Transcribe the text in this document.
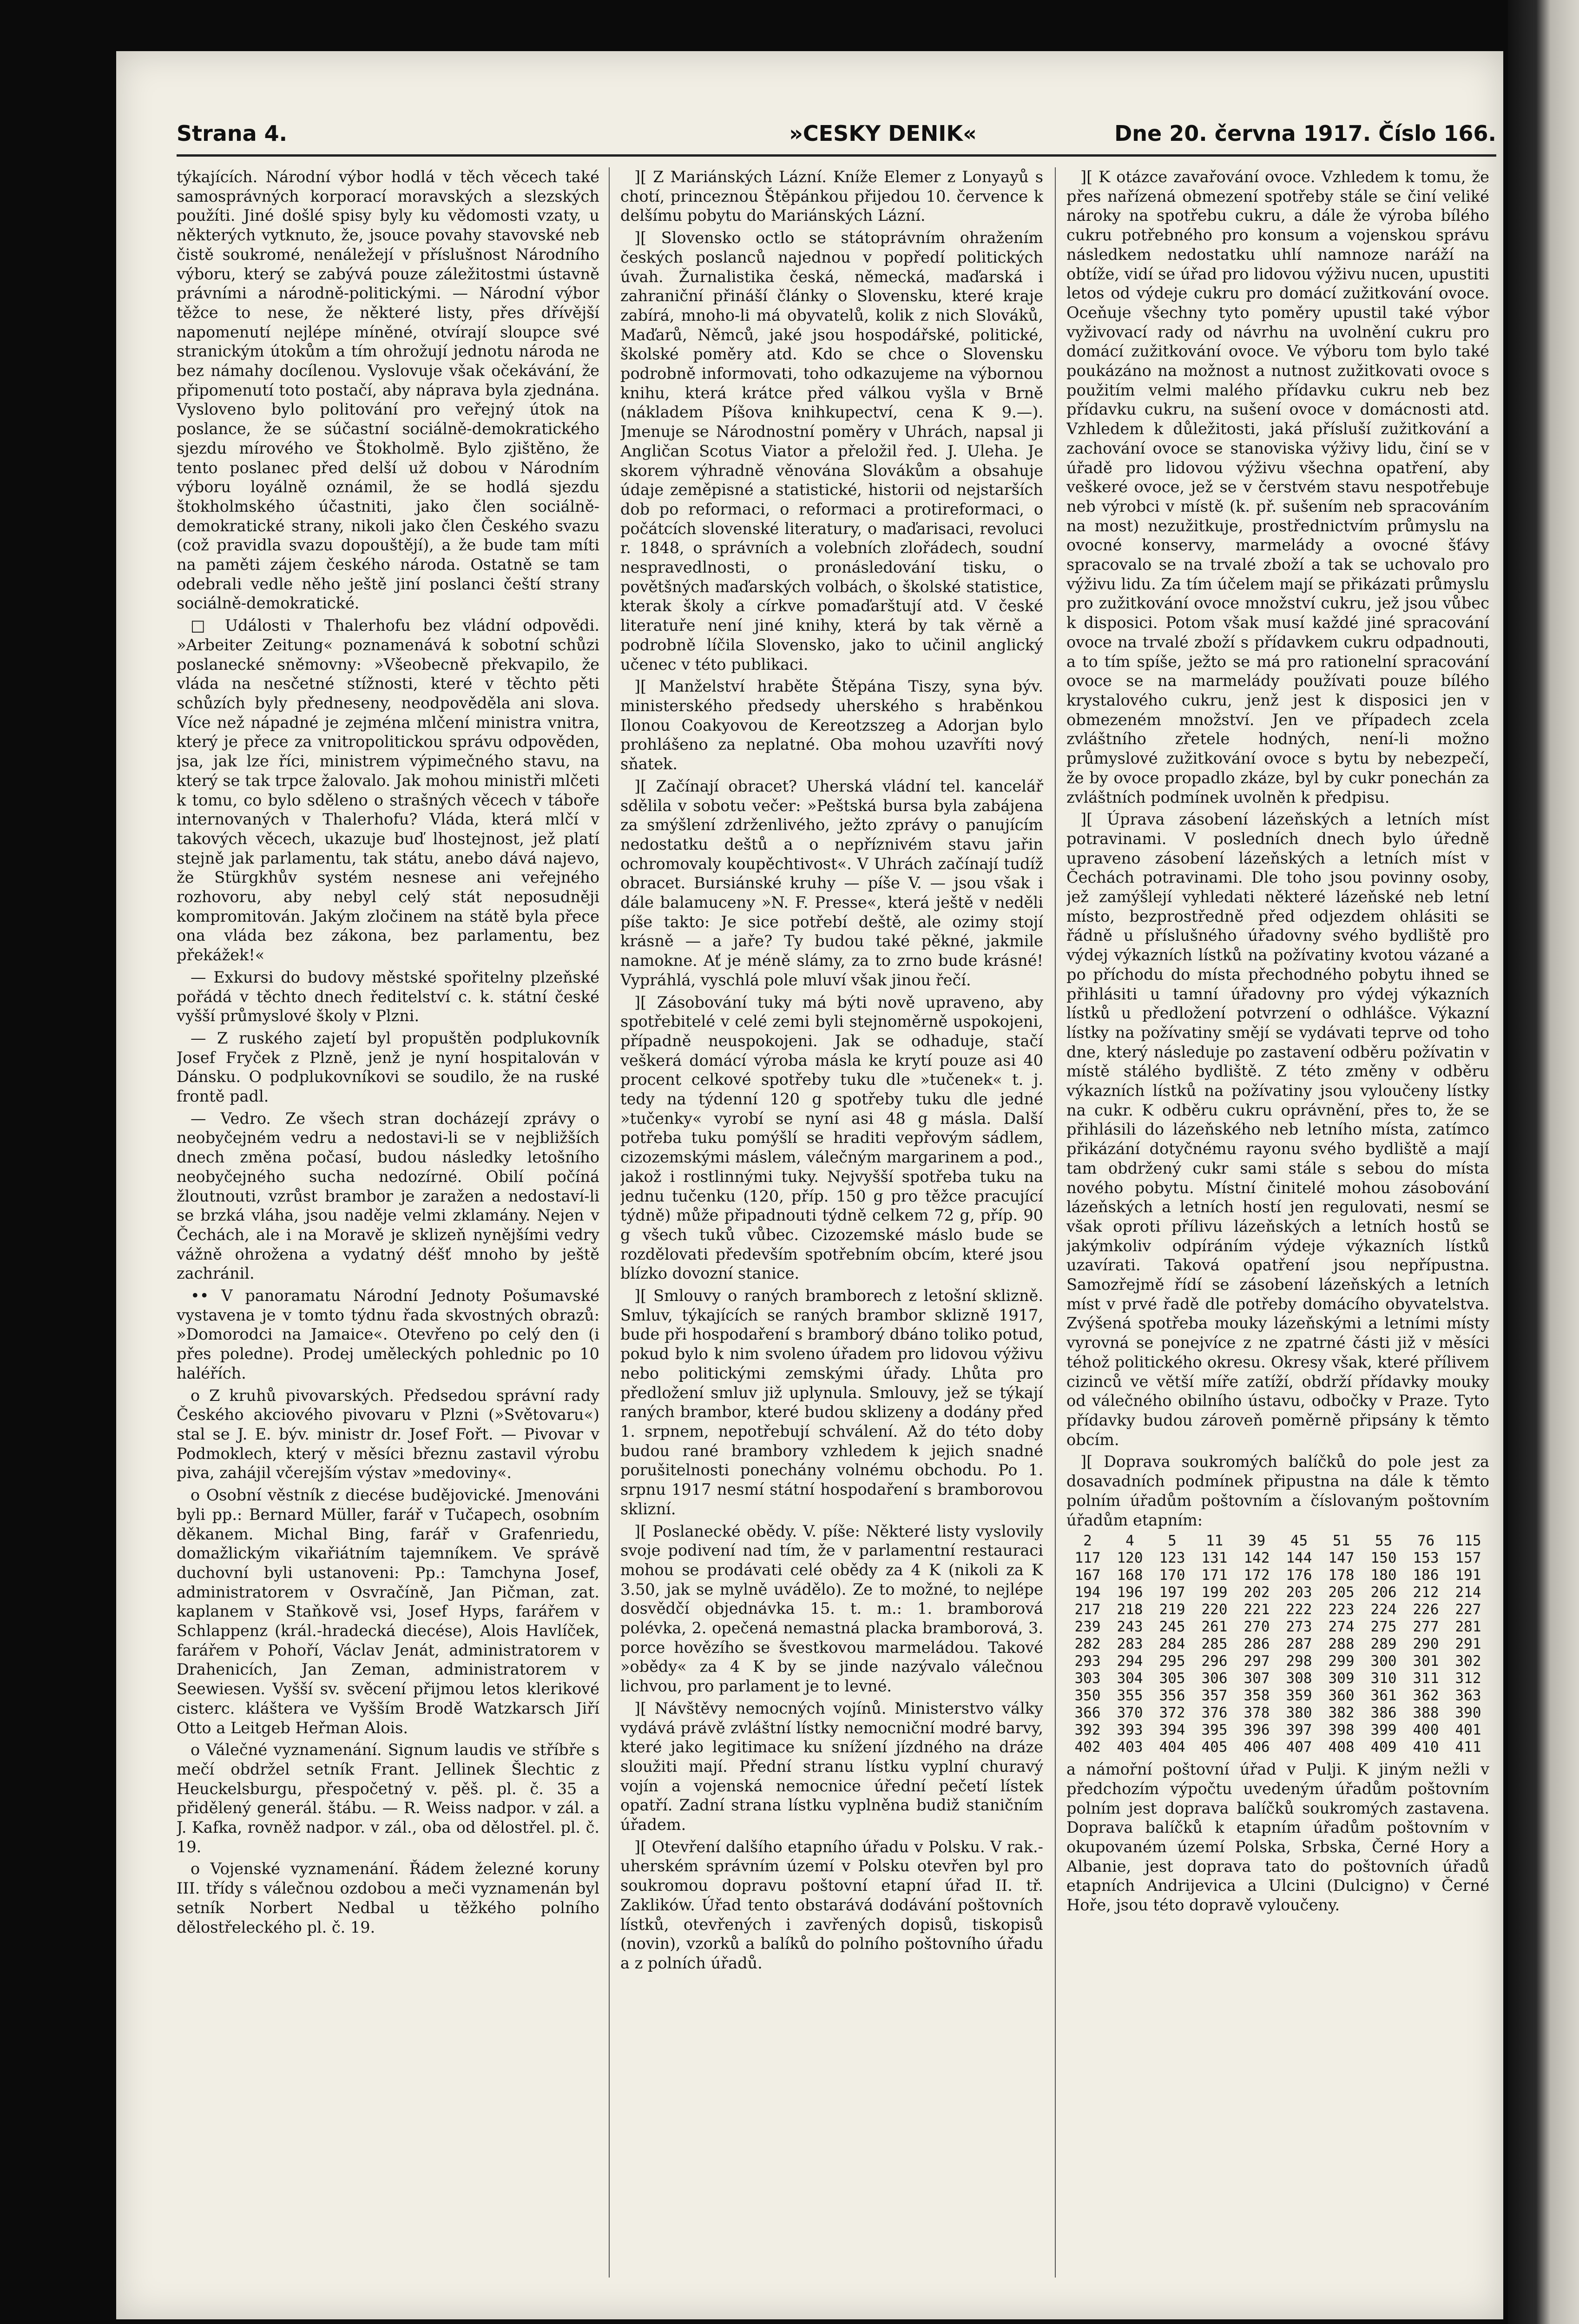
Strana 4.	»CESKY DENIK«	Dne 20. června 1917. Číslo 166.

týkajících. Národní výbor hodlá v těch věcech také samosprávných korporací moravských a slezských použíti. Jiné došlé spisy byly ku vědomosti vzaty, u některých vytknuto, že, jsouce povahy stavovské neb čistě soukromé, nenáležejí v příslušnost Národního výboru, který se zabývá pouze záležitostmi ústavně právními a národně-politickými. — Národní výbor těžce to nese, že některé listy, přes dřívější napomenutí nejlépe míněné, otvírají sloupce své stranickým útokům a tím ohrožují jednotu národa ne bez námahy docílenou. Vyslovuje však očekávání, že připomenutí toto postačí, aby náprava byla zjednána. Vysloveno bylo politování pro veřejný útok na poslance, že se súčastní sociálně-demokratického sjezdu mírového ve Štokholmě. Bylo zjištěno, že tento poslanec před delší už dobou v Národním výboru loyálně oznámil, že se hodlá sjezdu štokholmského účastniti, jako člen sociálně-demokratické strany, nikoli jako člen Českého svazu (což pravidla svazu dopouštějí), a že bude tam míti na paměti zájem českého národa. Ostatně se tam odebrali vedle něho ještě jiní poslanci čeští strany sociálně-demokratické.

□ Události v Thalerhofu bez vládní odpovědi. »Arbeiter Zeitung« poznamenává k sobotní schůzi poslanecké sněmovny: »Všeobecně překvapilo, že vláda na nesčetné stížnosti, které v těchto pěti schůzích byly předneseny, neodpověděla ani slova. Více než nápadné je zejména mlčení ministra vnitra, který je přece za vnitropolitickou správu odpověden, jsa, jak lze říci, ministrem výpimečného stavu, na který se tak trpce žalovalo. Jak mohou ministři mlčeti k tomu, co bylo sděleno o strašných věcech v táboře internovaných v Thalerhofu? Vláda, která mlčí v takových věcech, ukazuje buď lhostejnost, jež platí stejně jak parlamentu, tak státu, anebo dává najevo, že Stürgkhův systém nesnese ani veřejného rozhovoru, aby nebyl celý stát neposudněji kompromitován. Jakým zločinem na státě byla přece ona vláda bez zákona, bez parlamentu, bez překážek!«

— Exkursi do budovy městské spořitelny plzeňské pořádá v těchto dnech ředitelství c. k. státní české vyšší průmyslové školy v Plzni.

— Z ruského zajetí byl propuštěn podplukovník Josef Fryček z Plzně, jenž je nyní hospitalován v Dánsku. O podplukovníkovi se soudilo, že na ruské frontě padl.

— Vedro. Ze všech stran docházejí zprávy o neobyčejném vedru a nedostavi-li se v nejbližších dnech změna počasí, budou následky letošního neobyčejného sucha nedozírné. Obilí počíná žloutnouti, vzrůst brambor je zaražen a nedostaví-li se brzká vláha, jsou naděje velmi zklamány. Nejen v Čechách, ale i na Moravě je sklizeň nynějšími vedry vážně ohrožena a vydatný déšť mnoho by ještě zachránil.

•• V panoramatu Národní Jednoty Pošumavské vystavena je v tomto týdnu řada skvostných obrazů: »Domorodci na Jamaice«. Otevřeno po celý den (i přes poledne). Prodej uměleckých pohlednic po 10 haléřích.

o Z kruhů pivovarských. Předsedou správní rady Českého akciového pivovaru v Plzni (»Světovaru«) stal se J. E. býv. ministr dr. Josef Fořt. — Pivovar v Podmoklech, který v měsíci březnu zastavil výrobu piva, zahájil včerejším výstav »medoviny«.

o Osobní věstník z diecése budějovické. Jmenováni byli pp.: Bernard Müller, farář v Tučapech, osobním děkanem. Michal Bing, farář v Grafenriedu, domažlickým vikařiátním tajemníkem. Ve správě duchovní byli ustanoveni: Pp.: Tamchyna Josef, administratorem v Osvračíně, Jan Pičman, zat. kaplanem v Staňkově vsi, Josef Hyps, farářem v Schlappenz (král.-hradecká diecése), Alois Havlíček, farářem v Pohoří, Václav Jenát, administratorem v Drahenicích, Jan Zeman, administratorem v Seewiesen. Vyšší sv. svěcení přijmou letos klerikové cisterc. kláštera ve Vyšším Brodě Watzkarsch Jiří Otto a Leitgeb Heřman Alois.

o Válečné vyznamenání. Signum laudis ve stříbře s mečí obdržel setník Frant. Jellinek Šlechtic z Heuckelsburgu, přespočetný v. pěš. pl. č. 35 a přidělený generál. štábu. — R. Weiss nadpor. v zál. a J. Kafka, rovněž nadpor. v zál., oba od dělostřel. pl. č. 19.

o Vojenské vyznamenání. Řádem železné koruny III. třídy s válečnou ozdobou a meči vyznamenán byl setník Norbert Nedbal u těžkého polního dělostřeleckého pl. č. 19.

][ Z Mariánských Lázní. Kníže Elemer z Lonyayů s chotí, princeznou Štěpánkou přijedou 10. července k delšímu pobytu do Mariánských Lázní.

][ Slovensko octlo se státoprávním ohražením českých poslanců najednou v popředí politických úvah. Žurnalistika česká, německá, maďarská i zahraniční přináší články o Slovensku, které kraje zabírá, mnoho-li má obyvatelů, kolik z nich Slováků, Maďarů, Němců, jaké jsou hospodářské, politické, školské poměry atd. Kdo se chce o Slovensku podrobně informovati, toho odkazujeme na výbornou knihu, která krátce před válkou vyšla v Brně (nákladem Píšova knihkupectví, cena K 9.—). Jmenuje se Národnostní poměry v Uhrách, napsal ji Angličan Scotus Viator a přeložil řed. J. Uleha. Je skorem výhradně věnována Slovákům a obsahuje údaje zeměpisné a statistické, historii od nejstarších dob po reformaci, o reformaci a protireformaci, o počátcích slovenské literatury, o maďarisaci, revoluci r. 1848, o správních a volebních zlořádech, soudní nespravedlnosti, o pronásledování tisku, o povětšných maďarských volbách, o školské statistice, kterak školy a církve pomaďarštují atd. V české literatuře není jiné knihy, která by tak věrně a podrobně líčila Slovensko, jako to učinil anglický učenec v této publikaci.

][ Manželství hraběte Štěpána Tiszy, syna býv. ministerského předsedy uherského s hraběnkou Ilonou Coakyovou de Kereotzszeg a Adorjan bylo prohlášeno za neplatné. Oba mohou uzavříti nový sňatek.

][ Začínají obracet? Uherská vládní tel. kancelář sdělila v sobotu večer: »Peštská bursa byla zabájena za smýšlení zdrženlivého, ježto zprávy o panujícím nedostatku deštů a o nepříznivém stavu jařin ochromovaly koupěchtivost«. V Uhrách začínají tudíž obracet. Bursiánské kruhy — píše V. — jsou však i dále balamuceny »N. F. Presse«, která ještě v neděli píše takto: Je sice potřebí deště, ale ozimy stojí krásně — a jaře? Ty budou také pěkné, jakmile namokne. Ať je méně slámy, za to zrno bude krásné! Vypráhlá, vyschlá pole mluví však jinou řečí.

][ Zásobování tuky má býti nově upraveno, aby spotřebitelé v celé zemi byli stejnoměrně uspokojeni, případně neuspokojeni. Jak se odhaduje, stačí veškerá domácí výroba másla ke krytí pouze asi 40 procent celkové spotřeby tuku dle »tučenek« t. j. tedy na týdenní 120 g spotřeby tuku dle jedné »tučenky« vyrobí se nyní asi 48 g másla. Další potřeba tuku pomýšlí se hraditi vepřovým sádlem, cizozemskými máslem, válečným margarinem a pod., jakož i rostlinnými tuky. Nejvyšší spotřeba tuku na jednu tučenku (120, příp. 150 g pro těžce pracující týdně) může připadnouti týdně celkem 72 g, příp. 90 g všech tuků vůbec. Cizozemské máslo bude se rozdělovati především spotřebním obcím, které jsou blízko dovozní stanice.

][ Smlouvy o raných bramborech z letošní sklizně. Smluv, týkajících se raných brambor sklizně 1917, bude při hospodaření s bramborý dbáno toliko potud, pokud bylo k nim svoleno úřadem pro lidovou výživu nebo politickými zemskými úřady. Lhůta pro předložení smluv již uplynula. Smlouvy, jež se týkají raných brambor, které budou sklizeny a dodány před 1. srpnem, nepotřebují schválení. Až do této doby budou rané brambory vzhledem k jejich snadné porušitelnosti ponechány volnému obchodu. Po 1. srpnu 1917 nesmí státní hospodaření s bramborovou sklizní.

][ Poslanecké obědy. V. píše: Některé listy vyslovily svoje podivení nad tím, že v parlamentní restauraci mohou se prodávati celé obědy za 4 K (nikoli za K 3.50, jak se mylně uvádělo). Ze to možné, to nejlépe dosvědčí objednávka 15. t. m.: 1. bramborová polévka, 2. opečená nemastná placka bramborová, 3. porce hovězího se švestkovou marmeládou. Takové »obědy« za 4 K by se jinde nazývalo válečnou lichvou, pro parlament je to levné.

][ Návštěvy nemocných vojínů. Ministerstvo války vydává právě zvláštní lístky nemocniční modré barvy, které jako legitimace ku snížení jízdného na dráze sloužiti mají. Přední stranu lístku vyplní churavý vojín a vojenská nemocnice úřední pečetí lístek opatří. Zadní strana lístku vyplněna budiž staničním úřadem.

][ Otevření dalšího etapního úřadu v Polsku. V rak.-uherském správním území v Polsku otevřen byl pro soukromou dopravu poštovní etapní úřad II. tř. Zaklików. Úřad tento obstarává dodávání poštovních lístků, otevřených i zavřených dopisů, tiskopisů (novin), vzorků a balíků do polního poštovního úřadu a z polních úřadů.

][ K otázce zavařování ovoce. Vzhledem k tomu, že přes nařízená obmezení spotřeby stále se činí veliké nároky na spotřebu cukru, a dále že výroba bílého cukru potřebného pro konsum a vojenskou správu následkem nedostatku uhlí namnoze naráží na obtíže, vidí se úřad pro lidovou výživu nucen, upustiti letos od výdeje cukru pro domácí zužitkování ovoce. Oceňuje všechny tyto poměry upustil také výbor vyživovací rady od návrhu na uvolnění cukru pro domácí zužitkování ovoce. Ve výboru tom bylo také poukázáno na možnost a nutnost zužitkovati ovoce s použitím velmi malého přídavku cukru neb bez přídavku cukru, na sušení ovoce v domácnosti atd. Vzhledem k důležitosti, jaká přísluší zužitkování a zachování ovoce se stanoviska výživy lidu, činí se v úřadě pro lidovou výživu všechna opatření, aby veškeré ovoce, jež se v čerstvém stavu nespotřebuje neb výrobci v místě (k. př. sušením neb spracováním na most) nezužitkuje, prostřednictvím průmyslu na ovocné konservy, marmelády a ovocné šťávy spracovalo se na trvalé zboží a tak se uchovalo pro výživu lidu. Za tím účelem mají se přikázati průmyslu pro zužitkování ovoce množství cukru, jež jsou vůbec k disposici. Potom však musí každé jiné spracování ovoce na trvalé zboží s přídavkem cukru odpadnouti, a to tím spíše, ježto se má pro rationelní spracování ovoce se na marmelády používati pouze bílého krystalového cukru, jenž jest k disposici jen v obmezeném množství. Jen ve případech zcela zvláštního zřetele hodných, není-li možno průmyslové zužitkování ovoce s bytu by nebezpečí, že by ovoce propadlo zkáze, byl by cukr ponechán za zvláštních podmínek uvolněn k předpisu.

][ Úprava zásobení lázeňských a letních míst potravinami. V posledních dnech bylo úředně upraveno zásobení lázeňských a letních míst v Čechách potravinami. Dle toho jsou povinny osoby, jež zamýšlejí vyhledati některé lázeňské neb letní místo, bezprostředně před odjezdem ohlásiti se řádně u příslušného úřadovny svého bydliště pro výdej výkazních lístků na požívatiny kvotou vázané a po příchodu do místa přechodného pobytu ihned se přihlásiti u tamní úřadovny pro výdej výkazních lístků u předložení potvrzení o odhlášce. Výkazní lístky na požívatiny smějí se vydávati teprve od toho dne, který následuje po zastavení odběru požívatin v místě stálého bydliště. Z této změny v odběru výkazních lístků na požívatiny jsou vyloučeny lístky na cukr. K odběru cukru oprávnění, přes to, že se přihlásili do lázeňského neb letního místa, zatímco přikázání dotyčnému rayonu svého bydliště a mají tam obdržený cukr sami stále s sebou do místa nového pobytu. Místní činitelé mohou zásobování lázeňských a letních hostí jen regulovati, nesmí se však oproti přílivu lázeňských a letních hostů se jakýmkoliv odpíráním výdeje výkazních lístků uzavírati. Taková opatření jsou nepřípustna. Samozřejmě řídí se zásobení lázeňských a letních míst v prvé řadě dle potřeby domácího obyvatelstva. Zvýšená spotřeba mouky lázeňskými a letními místy vyrovná se ponejvíce z ne zpatrné části již v měsíci téhož politického okresu. Okresy však, které přílivem cizinců ve větší míře zatíží, obdrží přídavky mouky od válečného obilního ústavu, odbočky v Praze. Tyto přídavky budou zároveň poměrně připsány k těmto obcím.

][ Doprava soukromých balíčků do pole jest za dosavadních podmínek připustna na dále k těmto polním úřadům poštovním a číslovaným poštovním úřadům etapním:

2	4	5	11	39	45	51	55	76	115
117	120	123	131	142	144	147	150	153	157
167	168	170	171	172	176	178	180	186	191
194	196	197	199	202	203	205	206	212	214
217	218	219	220	221	222	223	224	226	227
239	243	245	261	270	273	274	275	277	281
282	283	284	285	286	287	288	289	290	291
293	294	295	296	297	298	299	300	301	302
303	304	305	306	307	308	309	310	311	312
350	355	356	357	358	359	360	361	362	363
366	370	372	376	378	380	382	386	388	390
392	393	394	395	396	397	398	399	400	401
402	403	404	405	406	407	408	409	410	411

a námořní poštovní úřad v Pulji. K jiným nežli v předchozím výpočtu uvedeným úřadům poštovním polním jest doprava balíčků soukromých zastavena. Doprava balíčků k etapním úřadům poštovním v okupovaném území Polska, Srbska, Černé Hory a Albanie, jest doprava tato do poštovních úřadů etapních Andrijevica a Ulcini (Dulcigno) v Černé Hoře, jsou této dopravě vyloučeny.
